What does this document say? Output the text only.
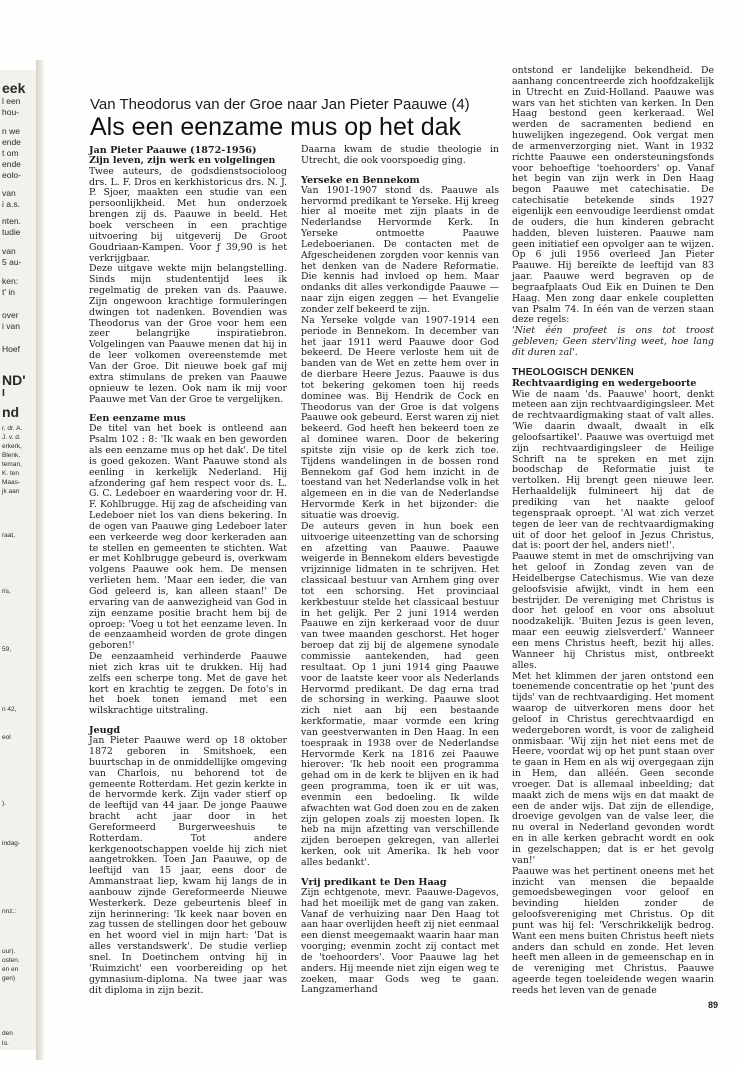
eek
l een
hou-
n we
ende
t om
ende
eolo-
van
i a.s.
nten.
tudie
van
5 au-
ken:
t' in
over
i van
Hoef
ND'
I
nd
r, dr. A.
J. v. d.
erkerk,
Blenk,
teman,
K. ten
Maas-
jk aan
raat,
ris,
59,
n 42,
eol
).
indag-
nnz.:
uur).
osten.
en en
gen)
den
lo.
Van Theodorus van der Groe naar Jan Pieter Paauwe (4)
Als een eenzame mus op het dak
Jan Pieter Paauwe (1872-1956)
Zijn leven, zijn werk en volgelingen

Twee auteurs, de godsdienstsocioloog drs. L. F. Dros en kerkhistoricus drs. N. J. P. Sjoer, maakten een studie van een persoonlijkheid. Met hun onderzoek brengen zij ds. Paauwe in beeld. Het boek verscheen in een prachtige uitvoering bij uitgeverij De Groot Goudriaan-Kampen. Voor ƒ 39,90 is het verkrijgbaar.

Deze uitgave wekte mijn belangstelling. Sinds mijn studententijd lees ik regelmatig de preken van ds. Paauwe. Zijn ongewoon krachtige formuleringen dwingen tot nadenken. Bovendien was Theodorus van der Groe voor hem een zeer belangrijke inspiratiebron. Volgelingen van Paauwe menen dat hij in de leer volkomen overeenstemde met Van der Groe. Dit nieuwe boek gaf mij extra stimulans de preken van Paauwe opnieuw te lezen. Ook nam ik mij voor Paauwe met Van der Groe te vergelijken.

Een eenzame mus

De titel van het boek is ontleend aan Psalm 102 : 8: 'Ik waak en ben geworden als een eenzame mus op het dak'. De titel is goed gekozen. Want Paauwe stond als eenling in kerkelijk Nederland. Hij afzondering gaf hem respect voor ds. L. G. C. Ledeboer en waardering voor dr. H. F. Kohlbrugge. Hij zag de afscheiding van Ledeboer niet los van diens bekering. In de ogen van Paauwe ging Ledeboer later een verkeerde weg door kerkeraden aan te stellen en gemeenten te stichten. Wat er met Kohlbrugge gebeurd is, overkwam volgens Paauwe ook hem. De mensen verlieten hem. 'Maar een ieder, die van God geleerd is, kan alleen staan!' De ervaring van de aanwezigheid van God in zijn eenzame positie bracht hem bij de oproep: 'Voeg u tot het eenzame leven. In de eenzaamheid worden de grote dingen geboren!'

De eenzaamheid verhinderde Paauwe niet zich kras uit te drukken. Hij had zelfs een scherpe tong. Met de gave het kort en krachtig te zeggen. De foto's in het boek tonen iemand met een wilskrachtige uitstraling.

Jeugd

Jan Pieter Paauwe werd op 18 oktober 1872 geboren in Smitshoek, een buurtschap in de onmiddellijke omgeving van Charlois, nu behorend tot de gemeente Rotterdam. Het gezin kerkte in de hervormde kerk. Zijn vader stierf op de leeftijd van 44 jaar. De jonge Paauwe bracht acht jaar door in het Gereformeerd Burgerweeshuis te Rotterdam. Tot andere kerkgenootschappen voelde hij zich niet aangetrokken. Toen Jan Paauwe, op de leeftijd van 15 jaar, eens door de Ammanstraat liep, kwam hij langs de in aanbouw zijnde Gereformeerde Nieuwe Westerkerk. Deze gebeurtenis bleef in zijn herinnering: 'Ik keek naar boven en zag tussen de stellingen door het gebouw en het woord viel in mijn hart: 'Dat is alles verstandswerk'. De studie verliep snel. In Doetinchem ontving hij in 'Ruimzicht' een voorbereiding op het gymnasium-diploma. Na twee jaar was dit diploma in zijn bezit.

Daarna kwam de studie theologie in Utrecht, die ook voorspoedig ging.

Yerseke en Bennekom

Van 1901-1907 stond ds. Paauwe als hervormd predikant te Yerseke. Hij kreeg hier al moeite met zijn plaats in de Nederlandse Hervormde Kerk. In Yerseke ontmoette Paauwe Ledeboerianen. De contacten met de Afgescheidenen zorgden voor kennis van het denken van de Nadere Reformatie. Die kennis had invloed op hem. Maar ondanks dit alles verkondigde Paauwe — naar zijn eigen zeggen — het Evangelie zonder zelf bekeerd te zijn.

Na Yerseke volgde van 1907-1914 een periode in Bennekom. In december van het jaar 1911 werd Paauwe door God bekeerd. De Heere verloste hem uit de banden van de Wet en zette hem over in de dierbare Heere Jezus. Paauwe is dus tot bekering gekomen toen hij reeds dominee was. Bij Hendrik de Cock en Theodorus van der Groe is dat volgens Paauwe ook gebeurd. Eerst waren zij niet bekeerd. God heeft hen bekeerd toen ze al dominee waren. Door de bekering spitste zijn visie op de kerk zich toe. Tijdens wandelingen in de bossen rond Bennekom gaf God hem inzicht in de toestand van het Nederlandse volk in het algemeen en in die van de Nederlandse Hervormde Kerk in het bijzonder: die situatie was droevig.

De auteurs geven in hun boek een uitvoerige uiteenzetting van de schorsing en afzetting van Paauwe. Paauwe weigerde in Bennekom elders bevestigde vrijzinnige lidmaten in te schrijven. Het classicaal bestuur van Arnhem ging over tot een schorsing. Het provinciaal kerkbestuur stelde het classicaal bestuur in het gelijk. Per 2 juni 1914 werden Paauwe en zijn kerkeraad voor de duur van twee maanden geschorst. Het hoger beroep dat zij bij de algemene synodale commissie aantekenden, had geen resultaat. Op 1 juni 1914 ging Paauwe voor de laatste keer voor als Nederlands Hervormd predikant. De dag erna trad de schorsing in werking. Paauwe sloot zich niet aan bij een bestaande kerkformatie, maar vormde een kring van geestverwanten in Den Haag. In een toespraak in 1938 over de Nederlandse Hervormde Kerk na 1816 zei Paauwe hierover: 'Ik heb nooit een programma gehad om in de kerk te blijven en ik had geen programma, toen ik er uit was, evenmin een bedoeling. Ik wilde afwachten wat God doen zou en de zaken zijn gelopen zoals zij moesten lopen. Ik heb na mijn afzetting van verschillende zijden beroepen gekregen, van allerlei kerken, ook uit Amerika. Ik heb voor alles bedankt'.

Vrij predikant te Den Haag

Zijn echtgenote, mevr. Paauwe-Dagevos, had het moeilijk met de gang van zaken. Vanaf de verhuizing naar Den Haag tot aan haar overlijden heeft zij niet eenmaal een dienst meegemaakt waarin haar man voorging; evenmin zocht zij contact met de 'toehoorders'. Voor Paauwe lag het anders. Hij meende niet zijn eigen weg te zoeken, maar Gods weg te gaan. Langzamerhand

ontstond er landelijke bekendheid. De aanhang concentreerde zich hoofdzakelijk in Utrecht en Zuid-Holland. Paauwe was wars van het stichten van kerken. In Den Haag bestond geen kerkeraad. Wel werden de sacramenten bediend en huwelijken ingezegend. Ook vergat men de armenverzorging niet. Want in 1932 richtte Paauwe een ondersteuningsfonds voor behoeftige 'toehoorders' op. Vanaf het begin van zijn werk in Den Haag begon Paauwe met catechisatie. De catechisatie betekende sinds 1927 eigenlijk een eenvoudige leerdienst omdat de ouders, die hun kinderen gebracht hadden, bleven luisteren. Paauwe nam geen initiatief een opvolger aan te wijzen. Op 6 juli 1956 overleed Jan Pieter Paauwe. Hij bereikte de leeftijd van 83 jaar. Paauwe werd begraven op de begraafplaats Oud Eik en Duinen te Den Haag. Men zong daar enkele coupletten van Psalm 74. In één van de verzen staan deze regels:

'Niet één profeet is ons tot troost gebleven; Geen sterv'ling weet, hoe lang dit duren zal'.

THEOLOGISCH DENKEN
Rechtvaardiging en wedergeboorte

Wie de naam 'ds. Paauwe' hoort, denkt meteen aan zijn rechtvaardigingsleer. Met de rechtvaardigmaking staat of valt alles. 'Wie daarin dwaalt, dwaalt in elk geloofsartikel'. Paauwe was overtuigd met zijn rechtvaardigingsleer de Heilige Schrift na te spreken en met zijn boodschap de Reformatie juist te vertolken. Hij brengt geen nieuwe leer. Herhaaldelijk fulmineert hij dat de prediking van het naakte geloof tegenspraak oproept. 'Al wat zich verzet tegen de leer van de rechtvaardigmaking uit of door het geloof in Jezus Christus, dat is: poort der hel, anders niet!'.

Paauwe stemt in met de omschrijving van het geloof in Zondag zeven van de Heidelbergse Catechismus. Wie van deze geloofsvisie afwijkt, vindt in hem een bestrijder. De vereniging met Christus is door het geloof en voor ons absoluut noodzakelijk. 'Buiten Jezus is geen leven, maar een eeuwig zielsverderf.' Wanneer een mens Christus heeft, bezit hij alles. Wanneer hij Christus mist, ontbreekt alles.

Met het klimmen der jaren ontstond een toenemende concentratie op het 'punt des tijds' van de rechtvaardiging. Het moment waarop de uitverkoren mens door het geloof in Christus gerechtvaardigd en wedergeboren wordt, is voor de zaligheid onmisbaar. 'Wij zijn het niet eens met de Heere, voordat wij op het punt staan over te gaan in Hem en als wij overgegaan zijn in Hem, dan alléén. Geen seconde vroeger. Dat is allemaal inbeelding; dat maakt zich de mens wijs en dat maakt de een de ander wijs. Dat zijn de ellendige, droevige gevolgen van de valse leer, die nu overal in Nederland gevonden wordt en in alle kerken gebracht wordt en ook in gezelschappen; dat is er het gevolg van!'

Paauwe was het pertinent oneens met het inzicht van mensen die bepaalde gemoedsbewegingen voor geloof en bevinding hielden zonder de geloofsvereniging met Christus. Op dit punt was hij fel: 'Verschrikkelijk bedrog. Want een mens buiten Christus heeft niets anders dan schuld en zonde. Het leven heeft men alleen in de gemeenschap en in de vereniging met Christus. Paauwe ageerde tegen toeleidende wegen waarin reeds het leven van de genade

89
